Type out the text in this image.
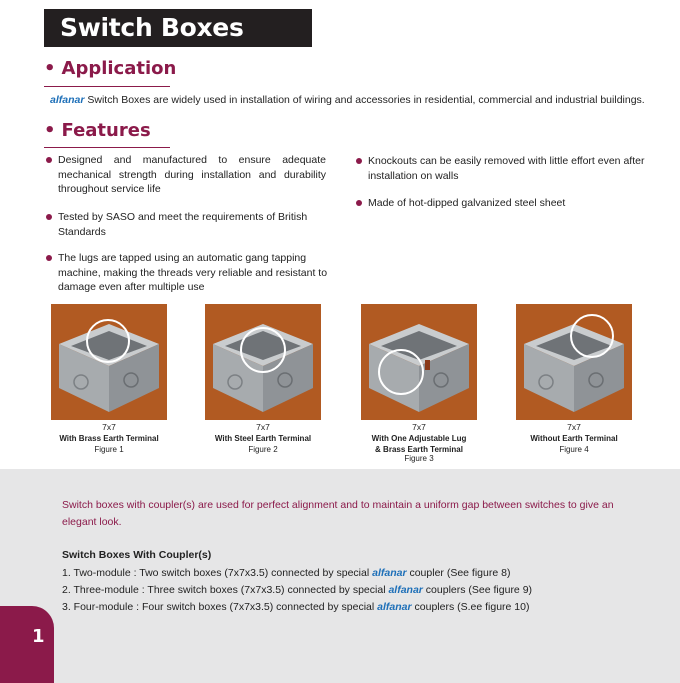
Switch Boxes
• Application
alfanar Switch Boxes are widely used in installation of wiring and accessories in residential, commercial and industrial buildings.
• Features
Designed and manufactured to ensure adequate mechanical strength during installation and durability throughout service life
Tested by SASO and meet the requirements of British Standards
The lugs are tapped using an automatic gang tapping machine, making the threads very reliable and resistant to damage even after multiple use
Knockouts can be easily removed with little effort even after installation on walls
Made of hot-dipped galvanized steel sheet
7x7
With Brass Earth Terminal
Figure 1
7x7
With Steel Earth Terminal
Figure 2
7x7
With One Adjustable Lug
& Brass Earth Terminal
Figure 3
7x7
Without Earth Terminal
Figure 4
Switch boxes with coupler(s) are used for perfect alignment and to maintain a uniform gap between switches to give an elegant look.
Switch Boxes With Coupler(s)
1. Two-module : Two switch boxes (7x7x3.5) connected by special alfanar coupler (See figure 8)
2. Three-module : Three switch boxes (7x7x3.5) connected by special alfanar couplers (See figure 9)
3. Four-module : Four switch boxes (7x7x3.5) connected by special alfanar couplers (S.ee figure 10)
1
